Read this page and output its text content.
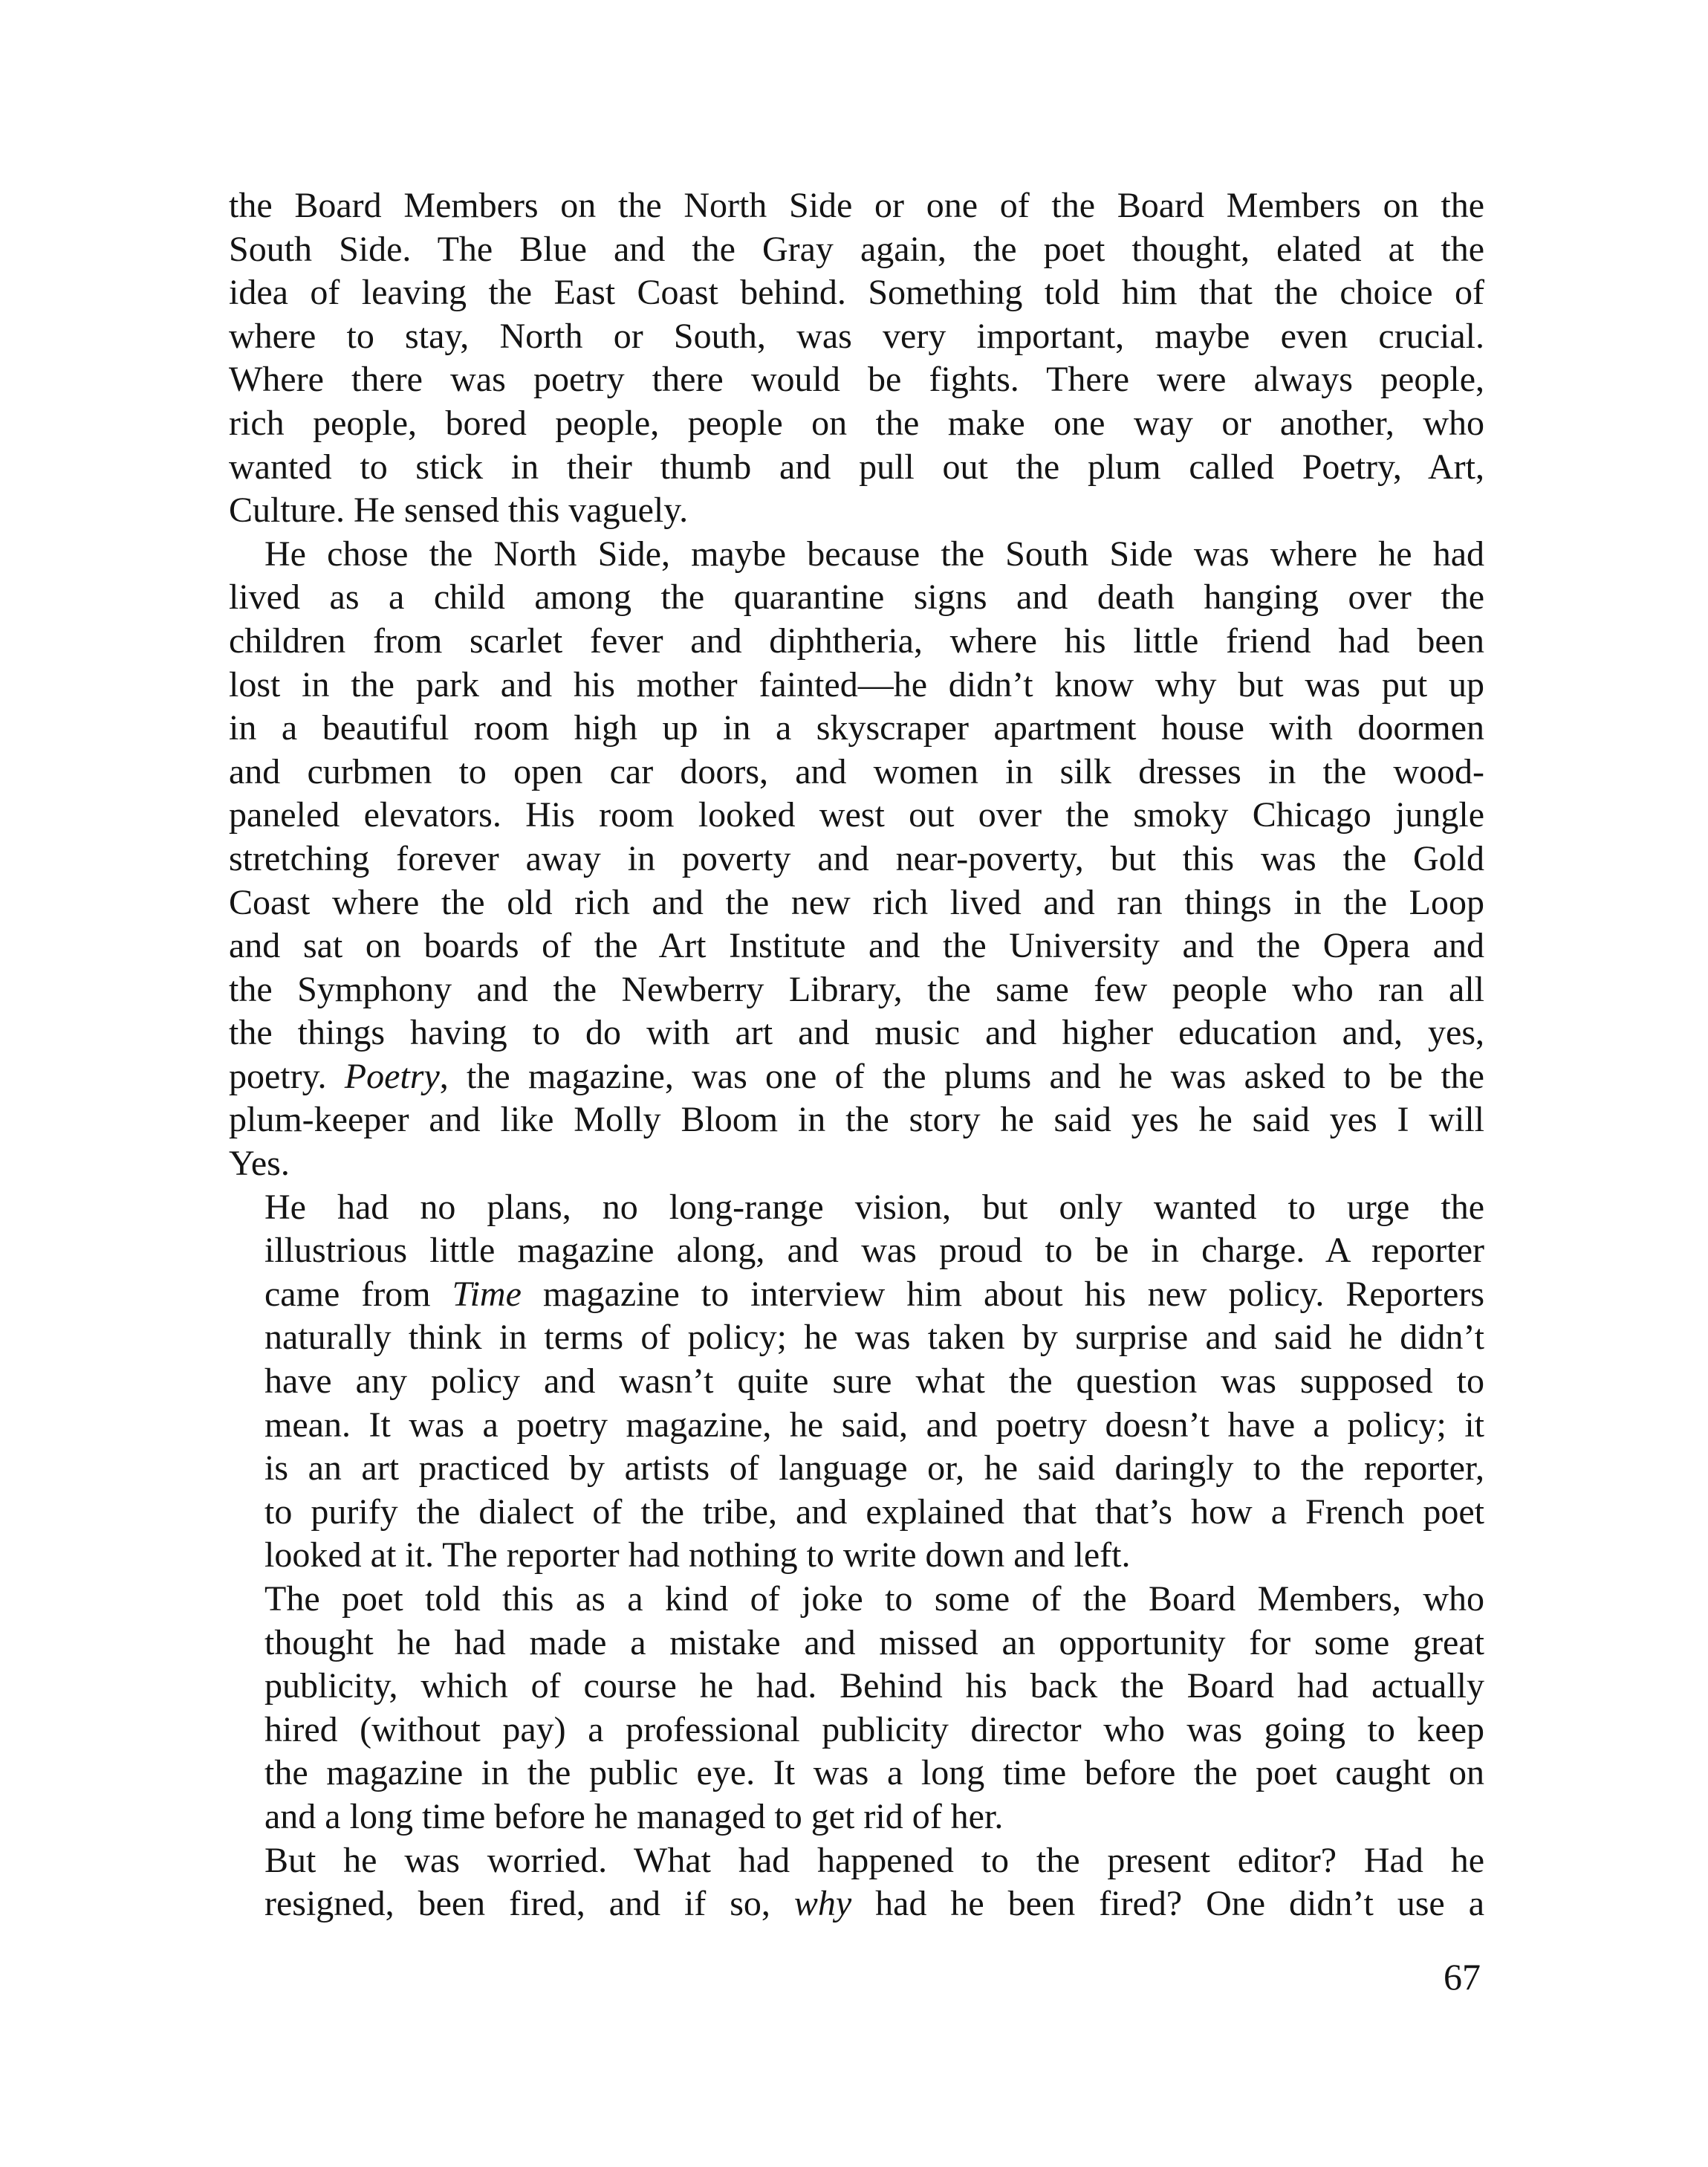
the Board Members on the North Side or one of the Board Members on the
South Side. The Blue and the Gray again, the poet thought, elated at the
idea of leaving the East Coast behind. Something told him that the choice of
where to stay, North or South, was very important, maybe even crucial.
Where there was poetry there would be fights. There were always people,
rich people, bored people, people on the make one way or another, who
wanted to stick in their thumb and pull out the plum called Poetry, Art,
Culture. He sensed this vaguely.
He chose the North Side, maybe because the South Side was where he had
lived as a child among the quarantine signs and death hanging over the
children from scarlet fever and diphtheria, where his little friend had been
lost in the park and his mother fainted—he didn’t know why but was put up
in a beautiful room high up in a skyscraper apartment house with doormen
and curbmen to open car doors, and women in silk dresses in the wood-
paneled elevators. His room looked west out over the smoky Chicago jungle
stretching forever away in poverty and near-poverty, but this was the Gold
Coast where the old rich and the new rich lived and ran things in the Loop
and sat on boards of the Art Institute and the University and the Opera and
the Symphony and the Newberry Library, the same few people who ran all
the things having to do with art and music and higher education and, yes,
poetry. Poetry, the magazine, was one of the plums and he was asked to be the
plum-keeper and like Molly Bloom in the story he said yes he said yes I will
Yes.
He had no plans, no long-range vision, but only wanted to urge the
illustrious little magazine along, and was proud to be in charge. A reporter
came from Time magazine to interview him about his new policy. Reporters
naturally think in terms of policy; he was taken by surprise and said he didn’t
have any policy and wasn’t quite sure what the question was supposed to
mean. It was a poetry magazine, he said, and poetry doesn’t have a policy; it
is an art practiced by artists of language or, he said daringly to the reporter,
to purify the dialect of the tribe, and explained that that’s how a French poet
looked at it. The reporter had nothing to write down and left.
The poet told this as a kind of joke to some of the Board Members, who
thought he had made a mistake and missed an opportunity for some great
publicity, which of course he had. Behind his back the Board had actually
hired (without pay) a professional publicity director who was going to keep
the magazine in the public eye. It was a long time before the poet caught on
and a long time before he managed to get rid of her.
But he was worried. What had happened to the present editor? Had he
resigned, been fired, and if so, why had he been fired? One didn’t use a
67
